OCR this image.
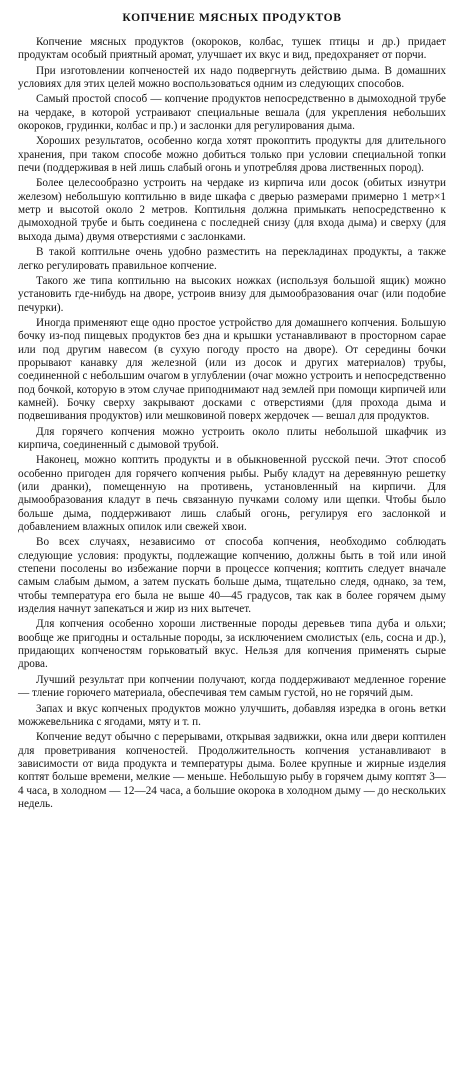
КОПЧЕНИЕ МЯСНЫХ ПРОДУКТОВ

Копчение мясных продуктов (окороков, колбас, тушек птицы и др.) придает продуктам особый приятный аромат, улучшает их вкус и вид, предохраняет от порчи.

При изготовлении копченостей их надо подвергнуть действию дыма. В домашних условиях для этих целей можно воспользоваться одним из следующих способов.

Самый простой способ — копчение продуктов непосредственно в дымоходной трубе на чердаке, в которой устраивают специальные вешала (для укрепления небольших окороков, грудинки, колбас и пр.) и заслонки для регулирования дыма.

Хороших результатов, особенно когда хотят прокоптить продукты для длительного хранения, при таком способе можно добиться только при условии специальной топки печи (поддерживая в ней лишь слабый огонь и употребляя дрова лиственных пород).

Более целесообразно устроить на чердаке из кирпича или досок (обитых изнутри железом) небольшую коптильню в виде шкафа с дверью размерами примерно 1 метр×1 метр и высотой около 2 метров. Коптильня должна примыкать непосредственно к дымоходной трубе и быть соединена с последней снизу (для входа дыма) и сверху (для выхода дыма) двумя отверстиями с заслонками.

В такой коптильне очень удобно разместить на перекладинах продукты, а также легко регулировать правильное копчение.

Такого же типа коптильню на высоких ножках (используя большой ящик) можно установить где-нибудь на дворе, устроив внизу для дымообразования очаг (или подобие печурки).

Иногда применяют еще одно простое устройство для домашнего копчения. Большую бочку из-под пищевых продуктов без дна и крышки устанавливают в просторном сарае или под другим навесом (в сухую погоду просто на дворе). От середины бочки прорывают канавку для железной (или из досок и других материалов) трубы, соединенной с небольшим очагом в углублении (очаг можно устроить и непосредственно под бочкой, которую в этом случае приподнимают над землей при помощи кирпичей или камней). Бочку сверху закрывают досками с отверстиями (для прохода дыма и подвешивания продуктов) или мешковиной поверх жердочек — вешал для продуктов.

Для горячего копчения можно устроить около плиты небольшой шкафчик из кирпича, соединенный с дымовой трубой.

Наконец, можно коптить продукты и в обыкновенной русской печи. Этот способ особенно пригоден для горячего копчения рыбы. Рыбу кладут на деревянную решетку (или дранки), помещенную на противень, установленный на кирпичи. Для дымообразования кладут в печь связанную пучками солому или щепки. Чтобы было больше дыма, поддерживают лишь слабый огонь, регулируя его заслонкой и добавлением влажных опилок или свежей хвои.

Во всех случаях, независимо от способа копчения, необходимо соблюдать следующие условия: продукты, подлежащие копчению, должны быть в той или иной степени посолены во избежание порчи в процессе копчения; коптить следует вначале самым слабым дымом, а затем пускать больше дыма, тщательно следя, однако, за тем, чтобы температура его была не выше 40—45 градусов, так как в более горячем дыму изделия начнут запекаться и жир из них вытечет.

Для копчения особенно хороши лиственные породы деревьев типа дуба и ольхи; вообще же пригодны и остальные породы, за исключением смолистых (ель, сосна и др.), придающих копченостям горьковатый вкус. Нельзя для копчения применять сырые дрова.

Лучший результат при копчении получают, когда поддерживают медленное горение — тление горючего материала, обеспечивая тем самым густой, но не горячий дым.

Запах и вкус копченых продуктов можно улучшить, добавляя изредка в огонь ветки можжевельника с ягодами, мяту и т. п.

Копчение ведут обычно с перерывами, открывая задвижки, окна или двери коптилен для проветривания копченостей. Продолжительность копчения устанавливают в зависимости от вида продукта и температуры дыма. Более крупные и жирные изделия коптят больше времени, мелкие — меньше. Небольшую рыбу в горячем дыму коптят 3—4 часа, в холодном — 12—24 часа, а большие окорока в холодном дыму — до нескольких недель.
